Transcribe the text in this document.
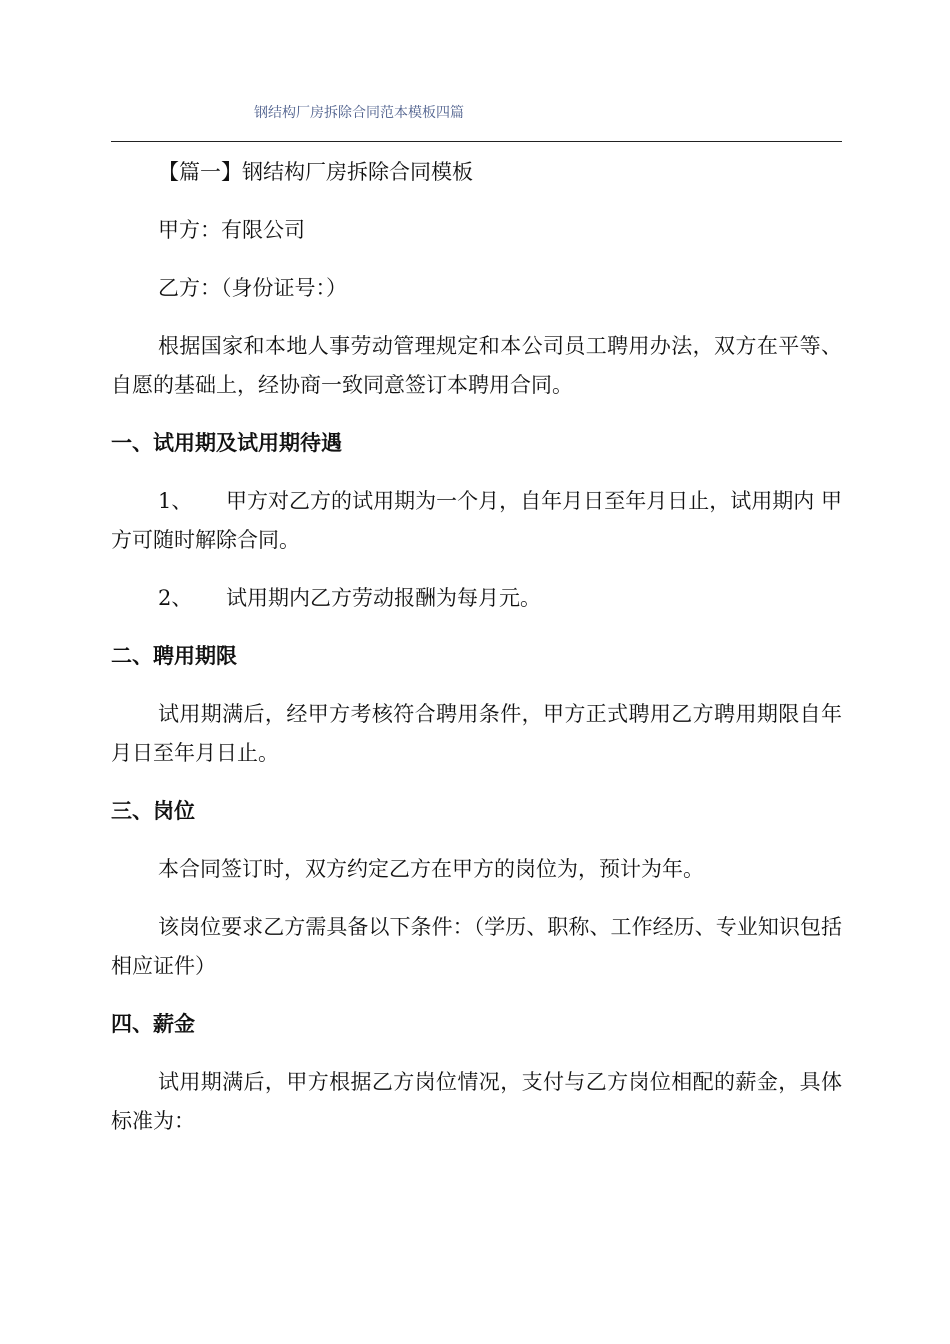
钢结构厂房拆除合同范本模板四篇

【篇一】钢结构厂房拆除合同模板

甲方：有限公司

乙方：（身份证号：）

根据国家和本地人事劳动管理规定和本公司员工聘用办法，双方在平等、自愿的基础上，经协商一致同意签订本聘用合同。

一、试用期及试用期待遇

1、 甲方对乙方的试用期为一个月，自年月日至年月日止，试用期内 甲方可随时解除合同。

2、 试用期内乙方劳动报酬为每月元。

二、聘用期限

试用期满后，经甲方考核符合聘用条件，甲方正式聘用乙方聘用期限自年月日至年月日止。

三、岗位

本合同签订时，双方约定乙方在甲方的岗位为，预计为年。

该岗位要求乙方需具备以下条件：（学历、职称、工作经历、专业知识包括相应证件）

四、薪金

试用期满后，甲方根据乙方岗位情况，支付与乙方岗位相配的薪金，具体标准为：
